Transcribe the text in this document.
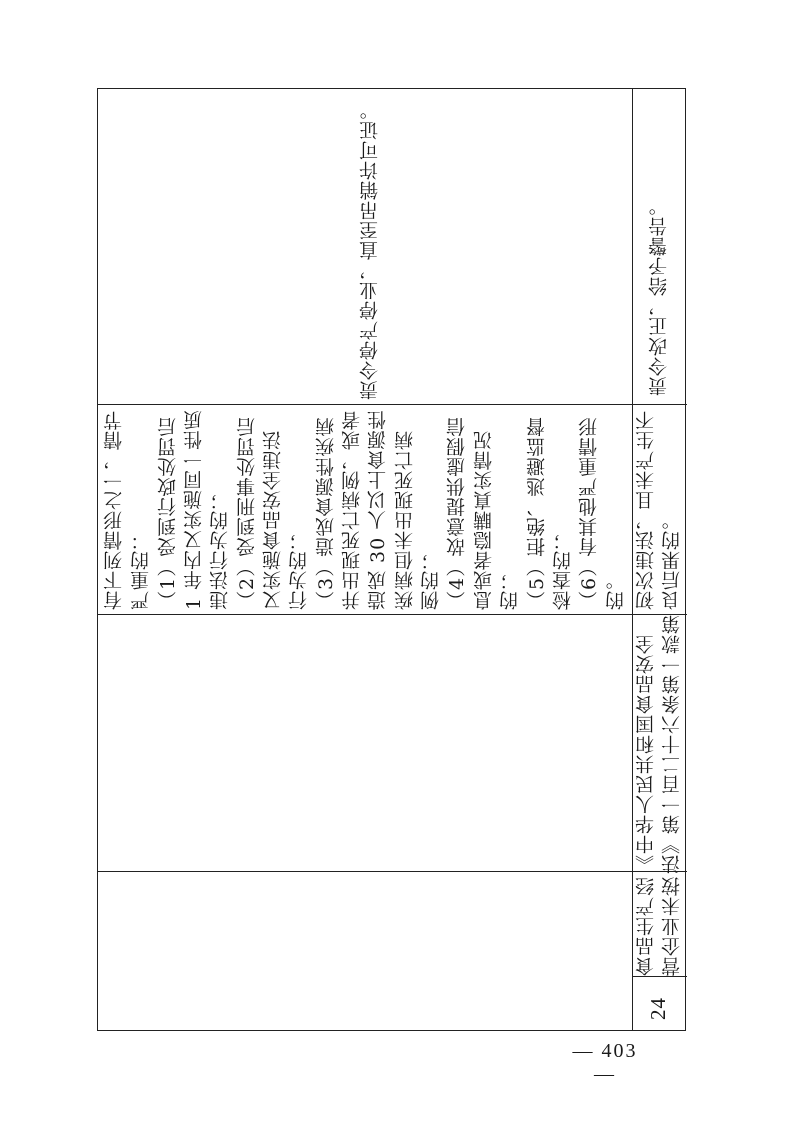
有下列情形之一，情节 严重的： （1）受到行政处罚后 1 年内又实施同一性质 违法行为的； （2）受到刑事处罚后 又实施食品安全违法 行为的； （3）造成食源性疾病 并出现死亡病例，或者 造成 30 人以上食源性 疾病但未出现死亡病 例的； （4）故意提供虚假信 息或者隐瞒真实情况 的； （5）拒绝、逃避监督 检查的； （6）有其他严重情形 的。
责令停产停业，直至吊销许可证。
24
食品生产经 营企业未按
《中华人民共和国食品安全 法》第一百二十六条第一款第
初次违法，且未产生不 良后果的。
责令改正，给予警告。
— 403 —
